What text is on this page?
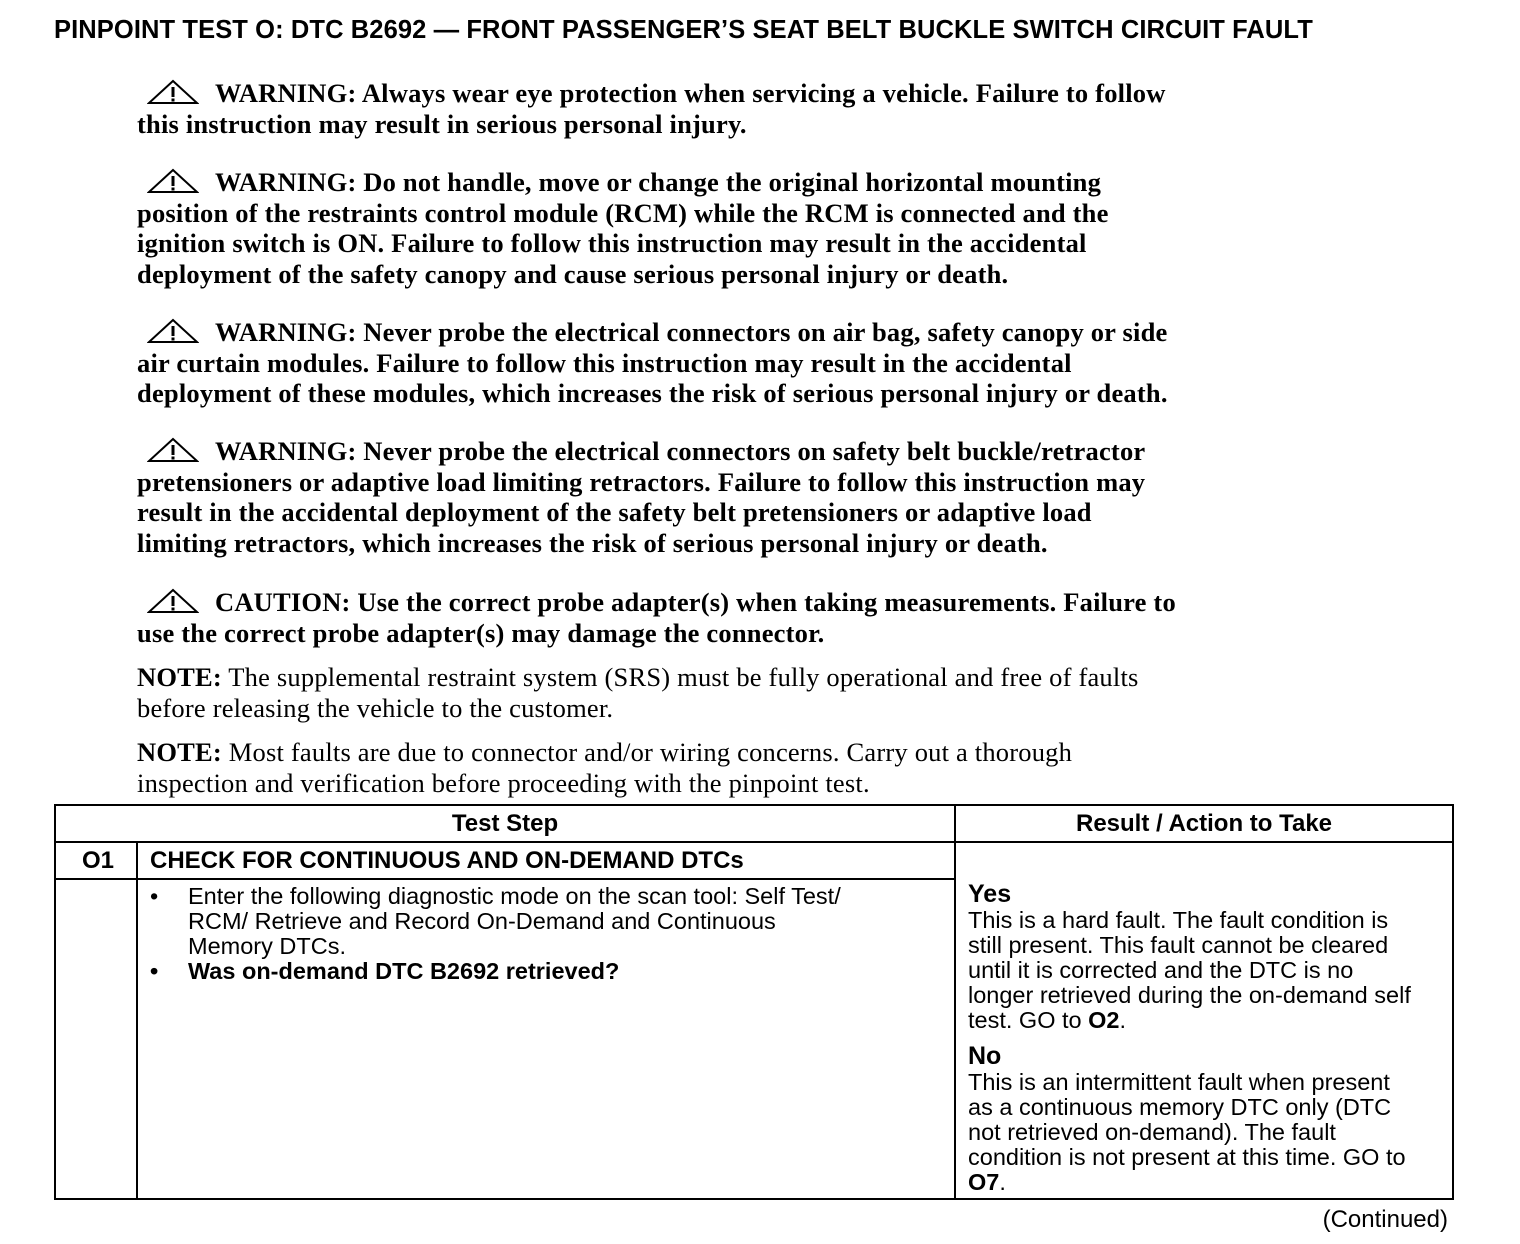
PINPOINT TEST O: DTC B2692 — FRONT PASSENGER’S SEAT BELT BUCKLE SWITCH CIRCUIT FAULT
WARNING: Always wear eye protection when servicing a vehicle. Failure to follow
this instruction may result in serious personal injury.
WARNING: Do not handle, move or change the original horizontal mounting
position of the restraints control module (RCM) while the RCM is connected and the
ignition switch is ON. Failure to follow this instruction may result in the accidental
deployment of the safety canopy and cause serious personal injury or death.
WARNING: Never probe the electrical connectors on air bag, safety canopy or side
air curtain modules. Failure to follow this instruction may result in the accidental
deployment of these modules, which increases the risk of serious personal injury or death.
WARNING: Never probe the electrical connectors on safety belt buckle/retractor
pretensioners or adaptive load limiting retractors. Failure to follow this instruction may
result in the accidental deployment of the safety belt pretensioners or adaptive load
limiting retractors, which increases the risk of serious personal injury or death.
CAUTION: Use the correct probe adapter(s) when taking measurements. Failure to
use the correct probe adapter(s) may damage the connector.
NOTE: The supplemental restraint system (SRS) must be fully operational and free of faults
before releasing the vehicle to the customer.
NOTE: Most faults are due to connector and/or wiring concerns. Carry out a thorough
inspection and verification before proceeding with the pinpoint test.
Test Step	Result / Action to Take
O1 CHECK FOR CONTINUOUS AND ON-DEMAND DTCs
• Enter the following diagnostic mode on the scan tool: Self Test/
RCM/ Retrieve and Record On-Demand and Continuous
Memory DTCs.
• Was on-demand DTC B2692 retrieved?
Yes

This is a hard fault. The fault condition is
still present. This fault cannot be cleared
until it is corrected and the DTC is no
longer retrieved during the on-demand self
test. GO to O2.

No

This is an intermittent fault when present
as a continuous memory DTC only (DTC
not retrieved on-demand). The fault
condition is not present at this time. GO to
O7.

(Continued)
